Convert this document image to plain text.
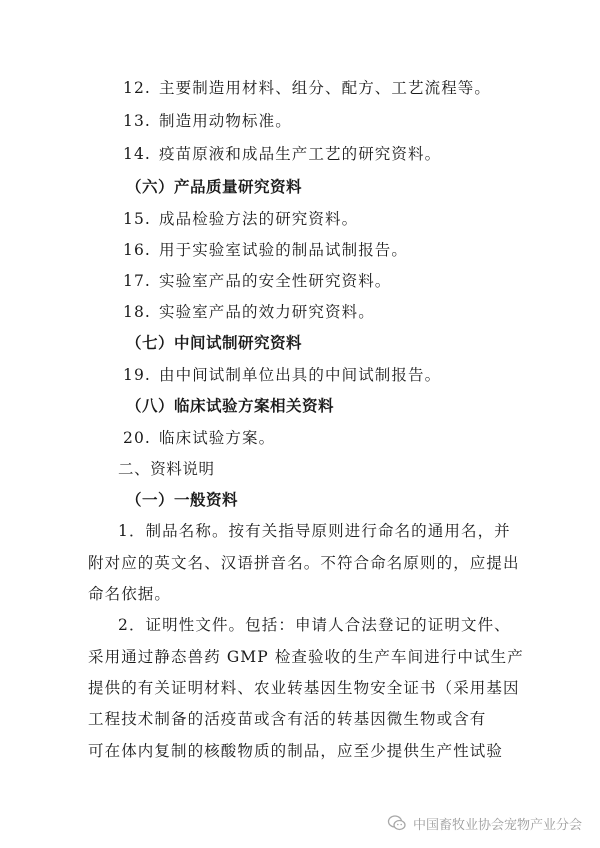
12. 主要制造用材料、组分、配方、工艺流程等。
13. 制造用动物标准。
14. 疫苗原液和成品生产工艺的研究资料。
（六）产品质量研究资料
15. 成品检验方法的研究资料。
16. 用于实验室试验的制品试制报告。
17. 实验室产品的安全性研究资料。
18. 实验室产品的效力研究资料。
（七）中间试制研究资料
19. 由中间试制单位出具的中间试制报告。
（八）临床试验方案相关资料
20. 临床试验方案。
二、资料说明
（一）一般资料
1．制品名称。按有关指导原则进行命名的通用名，并
附对应的英文名、汉语拼音名。不符合命名原则的，应提出
命名依据。
2．证明性文件。包括：申请人合法登记的证明文件、
采用通过静态兽药 GMP 检查验收的生产车间进行中试生产
提供的有关证明材料、农业转基因生物安全证书（采用基因
工程技术制备的活疫苗或含有活的转基因微生物或含有
可在体内复制的核酸物质的制品，应至少提供生产性试验
中国畜牧业协会宠物产业分会
